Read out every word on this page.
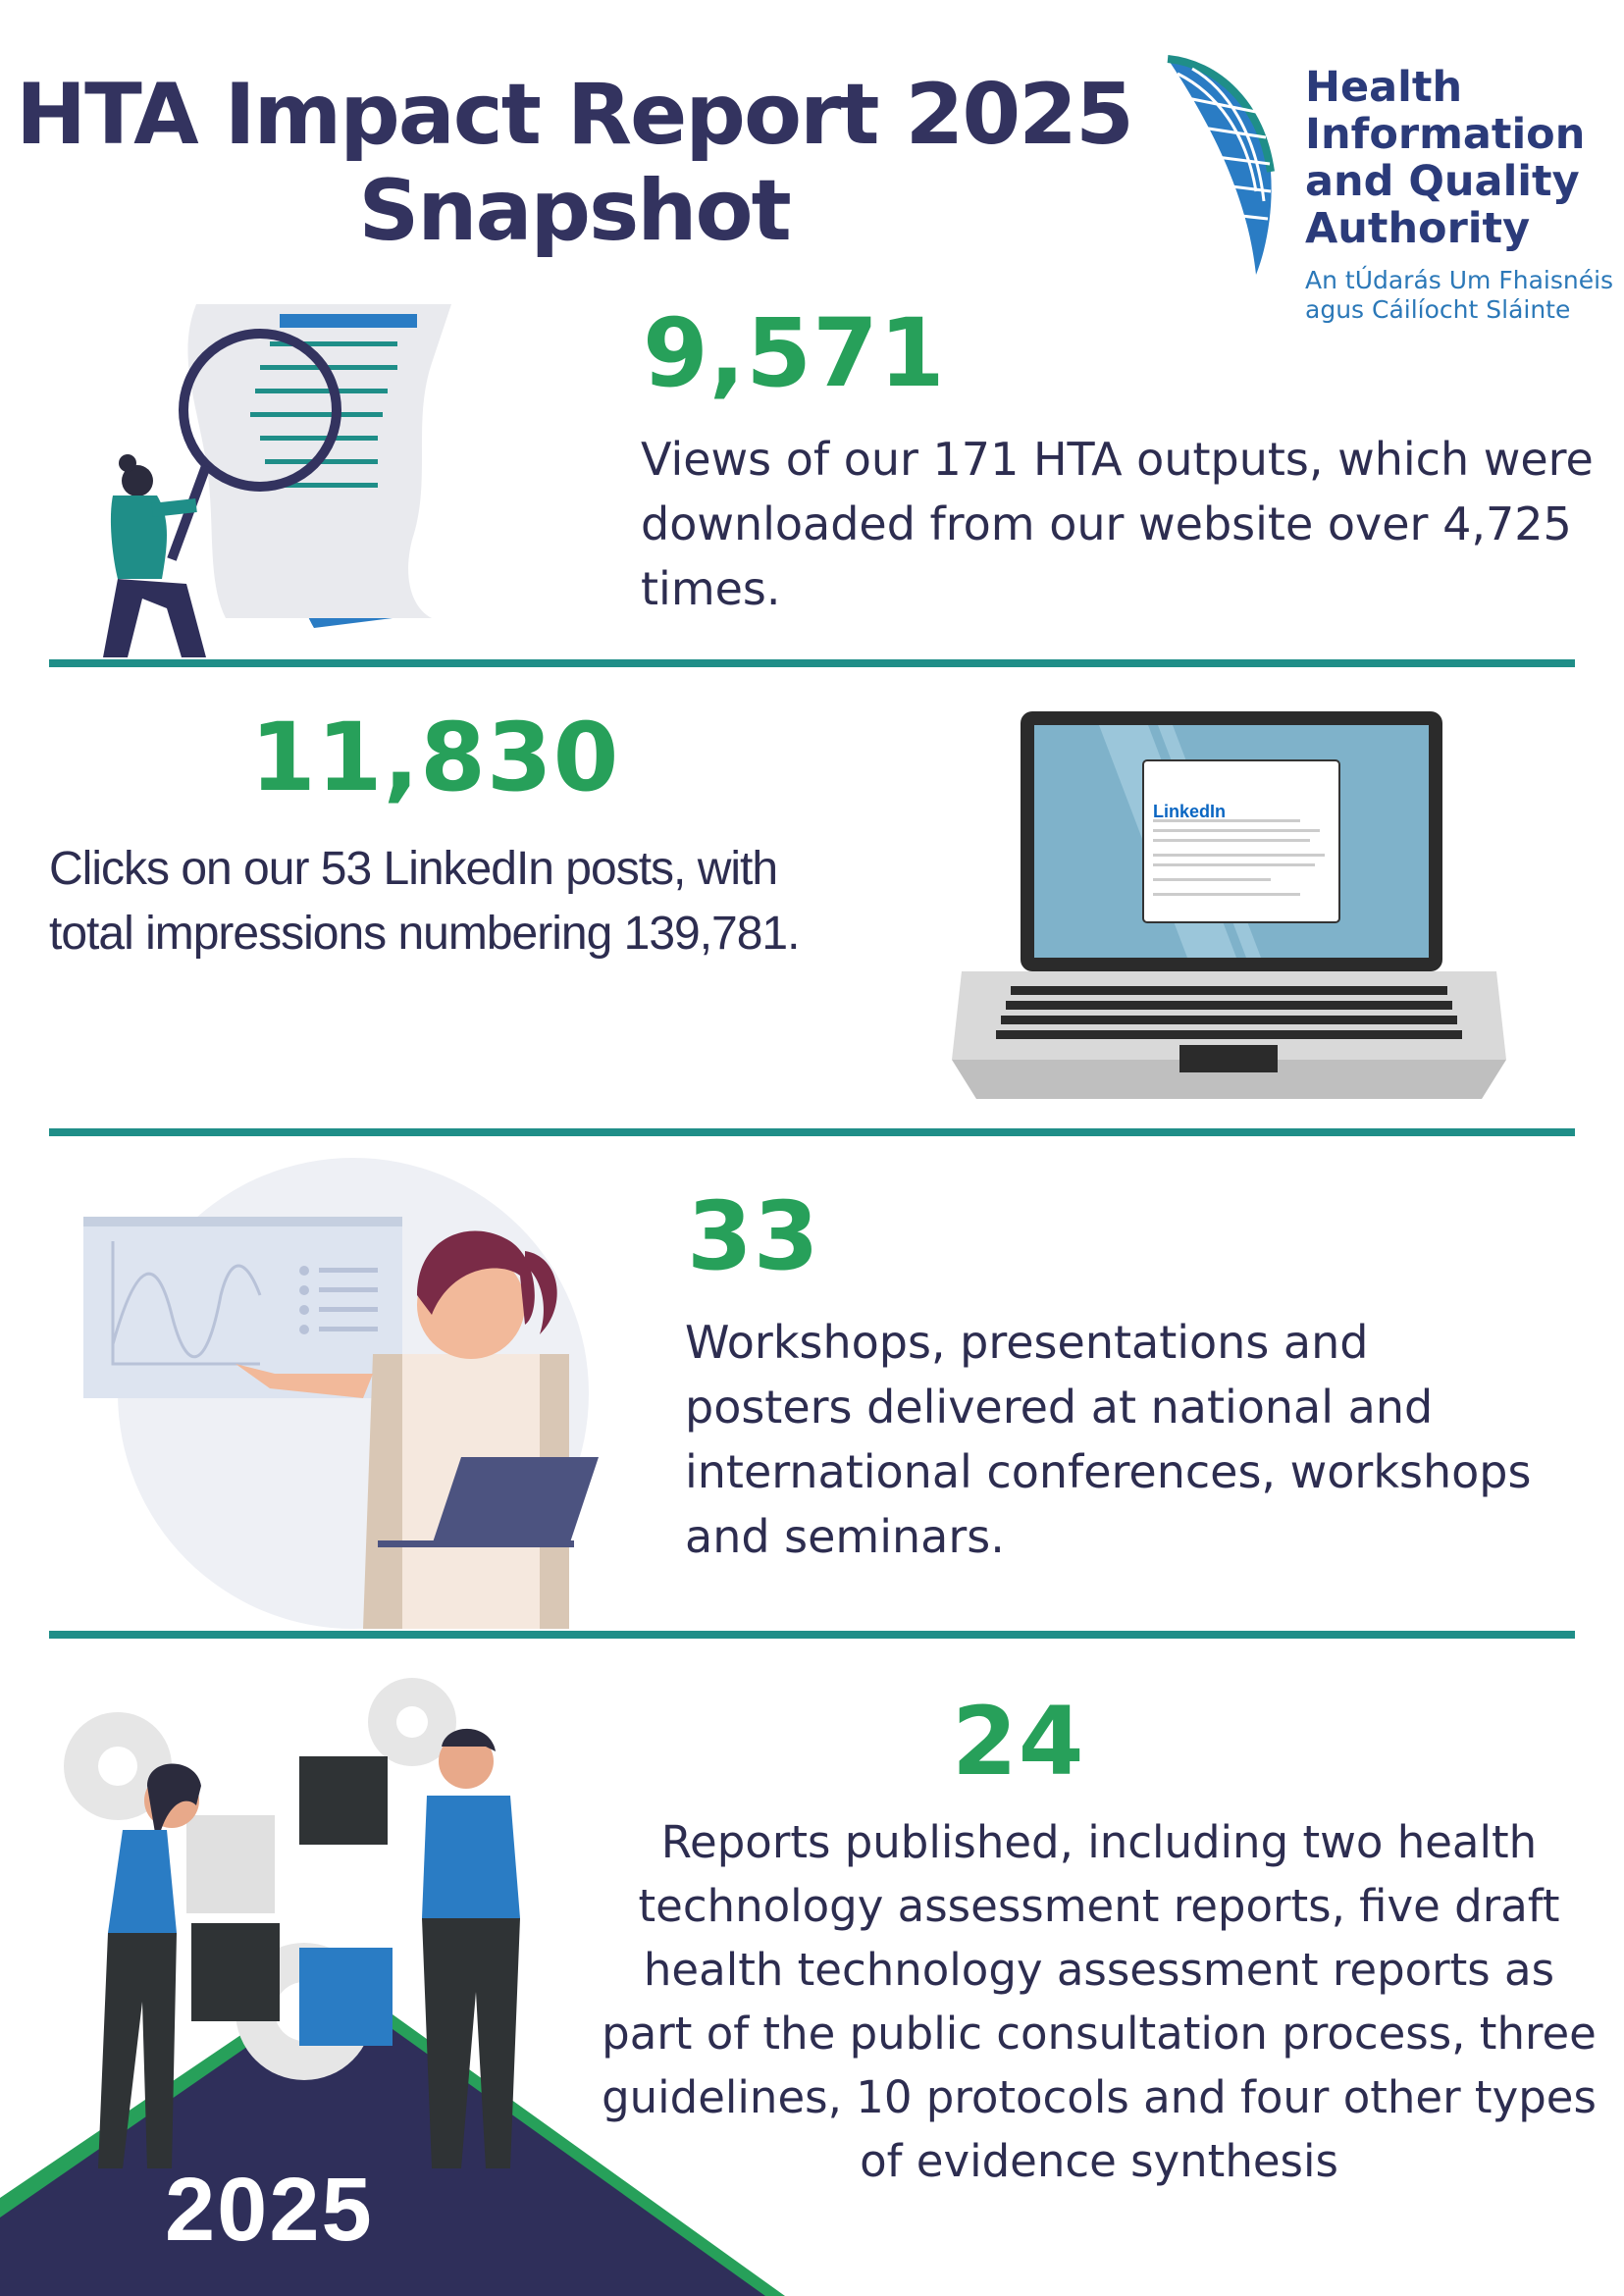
HTA Impact Report 2025
Snapshot
Health
Information
and Quality
Authority
An tÚdarás Um Fhaisnéis
agus Cáilíocht Sláinte
9,571
Views of our 171 HTA outputs, which were downloaded from our website over 4,725 times.
11,830
Clicks on our 53 LinkedIn posts, with total impressions numbering 139,781.
LinkedIn
33
Workshops, presentations and posters delivered at national and international conferences, workshops and seminars.
2025
24
Reports published, including two health technology assessment reports, five draft health technology assessment reports as part of the public consultation process, three guidelines, 10 protocols and four other types of evidence synthesis
